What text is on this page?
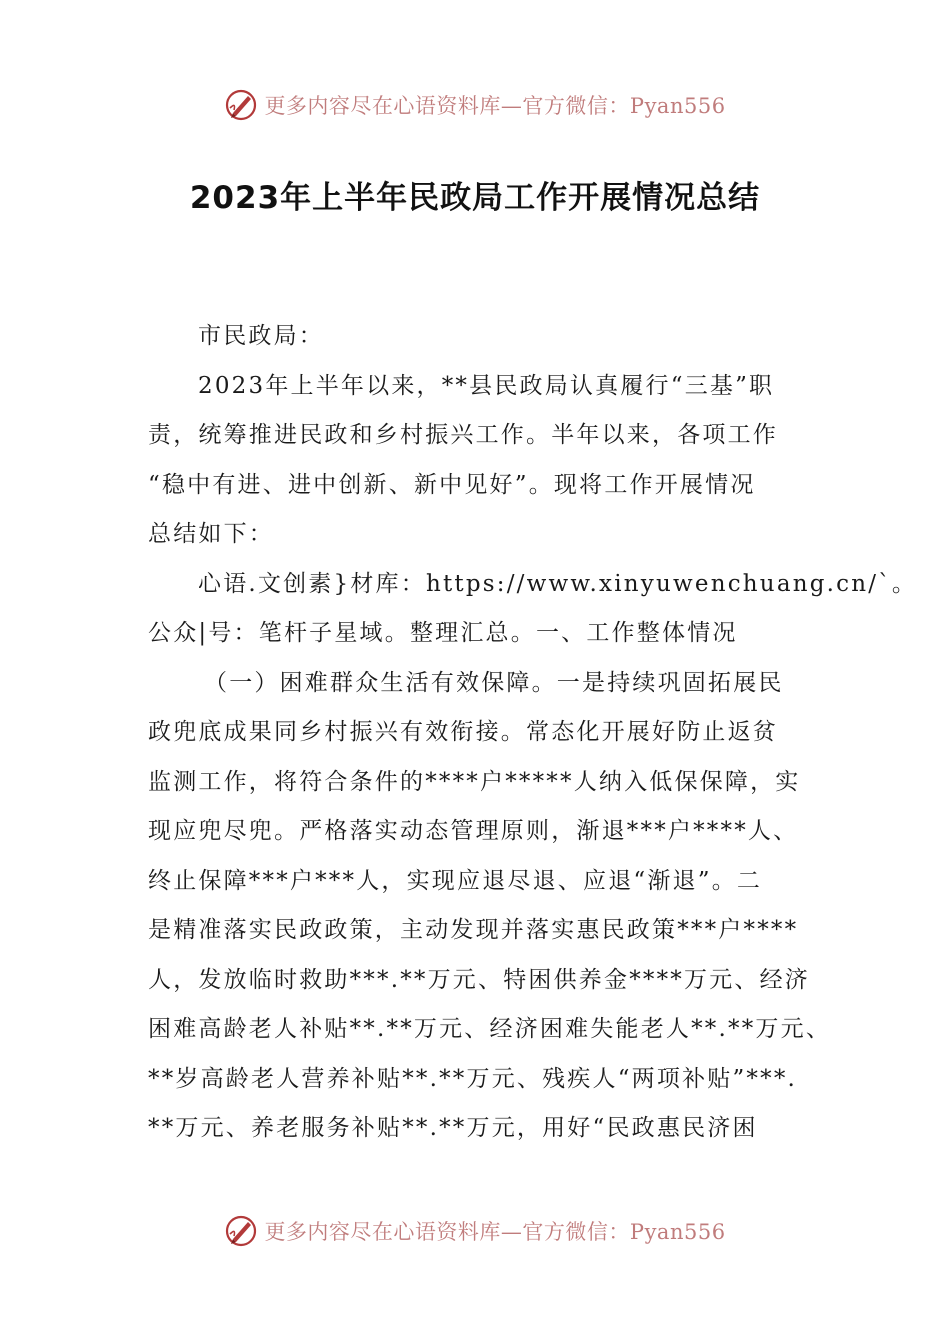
更多内容尽在心语资料库—官方微信：Pyan556
2023年上半年民政局工作开展情况总结
市民政局：
2023年上半年以来，**县民政局认真履行“三基”职
责，统筹推进民政和乡村振兴工作。半年以来，各项工作
“稳中有进、进中创新、新中见好”。现将工作开展情况
总结如下：
心语.文创素}材库：https://www.xinyuwenchuang.cn/`。
公众|号：笔杆子星域。整理汇总。一、工作整体情况
（一）困难群众生活有效保障。一是持续巩固拓展民
政兜底成果同乡村振兴有效衔接。常态化开展好防止返贫
监测工作，将符合条件的****户*****人纳入低保保障，实
现应兜尽兜。严格落实动态管理原则，渐退***户****人、
终止保障***户***人，实现应退尽退、应退“渐退”。二
是精准落实民政政策，主动发现并落实惠民政策***户****
人，发放临时救助***.**万元、特困供养金****万元、经济
困难高龄老人补贴**.**万元、经济困难失能老人**.**万元、
**岁高龄老人营养补贴**.**万元、残疾人“两项补贴”***.
**万元、养老服务补贴**.**万元，用好“民政惠民济困
更多内容尽在心语资料库—官方微信：Pyan556
